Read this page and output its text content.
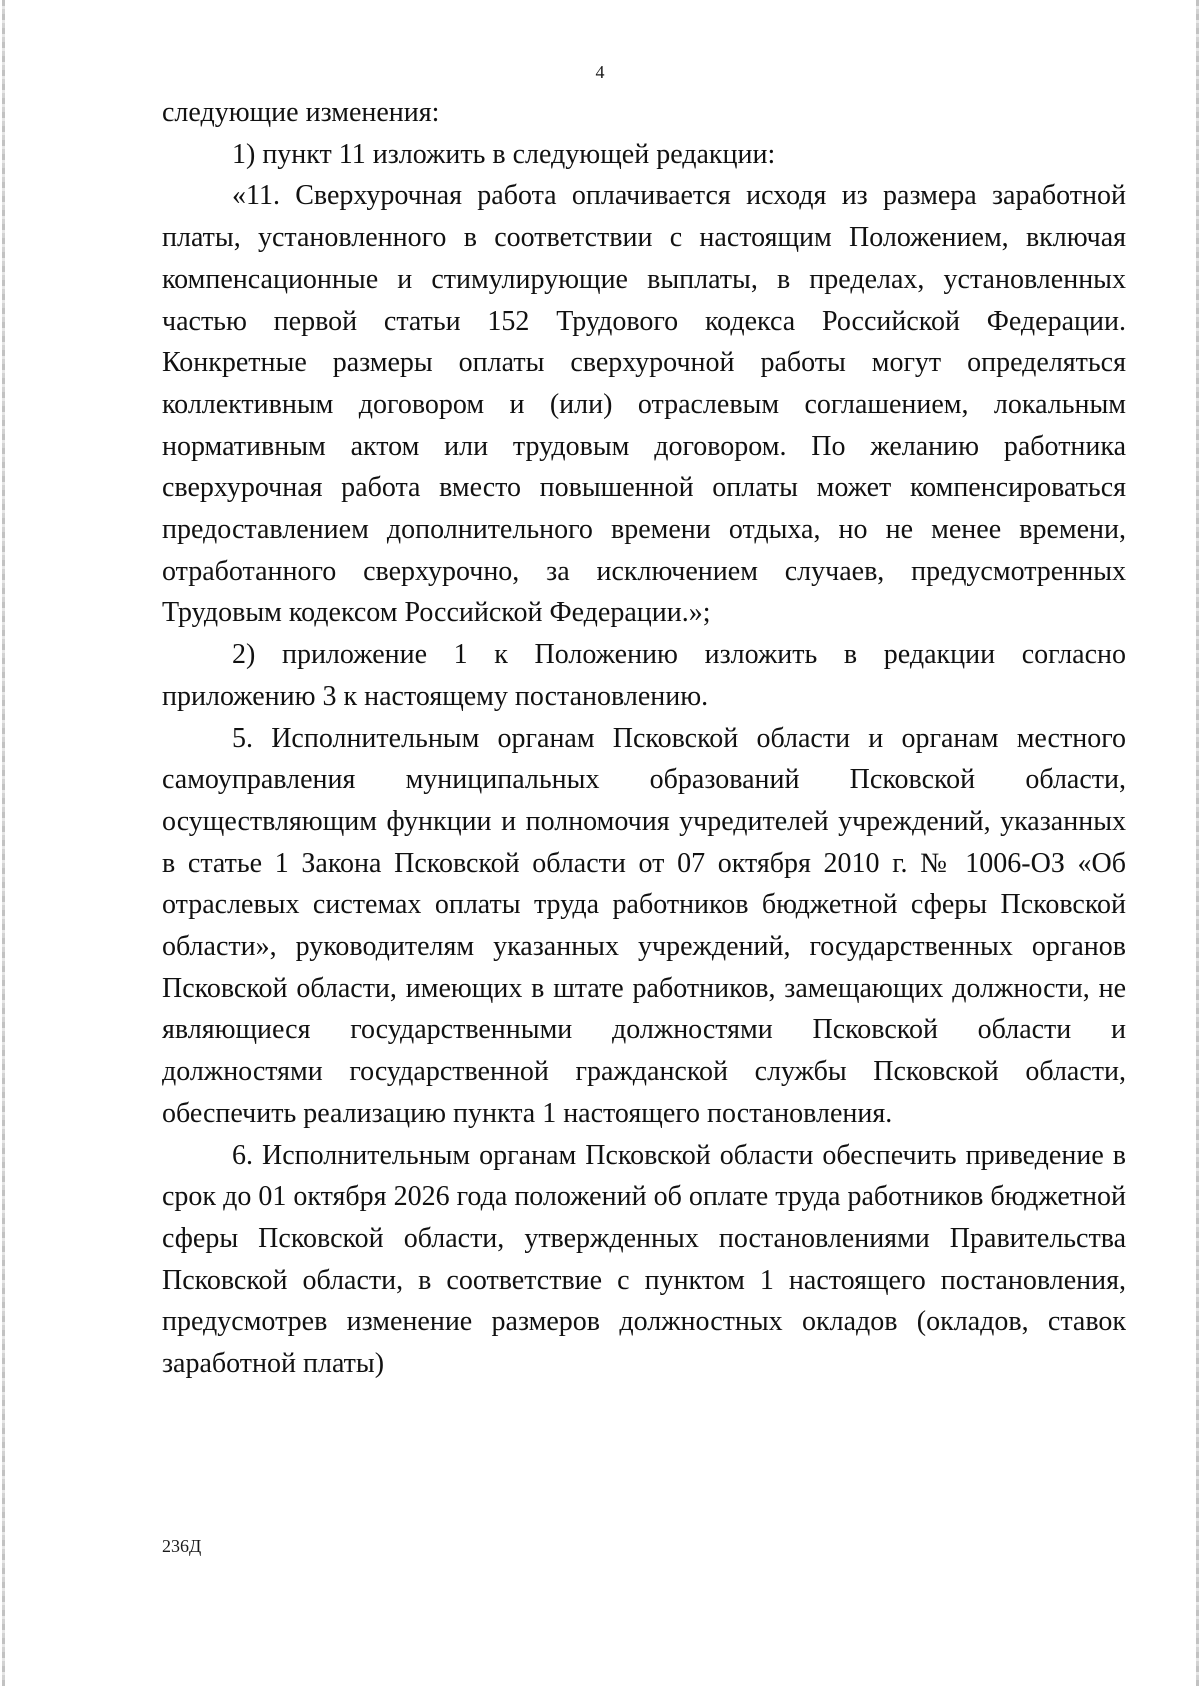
4

следующие изменения:

1) пункт 11 изложить в следующей редакции:

«11. Сверхурочная работа оплачивается исходя из размера заработной платы, установленного в соответствии с настоящим Положением, включая компенсационные и стимулирующие выплаты, в пределах, установленных частью первой статьи 152 Трудового кодекса Российской Федерации. Конкретные размеры оплаты сверхурочной работы могут определяться коллективным договором и (или) отраслевым соглашением, локальным нормативным актом или трудовым договором. По желанию работника сверхурочная работа вместо повышенной оплаты может компенсироваться предоставлением дополнительного времени отдыха, но не менее времени, отработанного сверхурочно, за исключением случаев, предусмотренных Трудовым кодексом Российской Федерации.»;

2) приложение 1 к Положению изложить в редакции согласно приложению 3 к настоящему постановлению.

5. Исполнительным органам Псковской области и органам местного самоуправления муниципальных образований Псковской области, осуществляющим функции и полномочия учредителей учреждений, указанных в статье 1 Закона Псковской области от 07 октября 2010 г. № 1006-ОЗ «Об отраслевых системах оплаты труда работников бюджетной сферы Псковской области», руководителям указанных учреждений, государственных органов Псковской области, имеющих в штате работников, замещающих должности, не являющиеся государственными должностями Псковской области и должностями государственной гражданской службы Псковской области, обеспечить реализацию пункта 1 настоящего постановления.

6. Исполнительным органам Псковской области обеспечить приведение в срок до 01 октября 2026 года положений об оплате труда работников бюджетной сферы Псковской области, утвержденных постановлениями Правительства Псковской области, в соответствие с пунктом 1 настоящего постановления, предусмотрев изменение размеров должностных окладов (окладов, ставок заработной платы)

236Д
